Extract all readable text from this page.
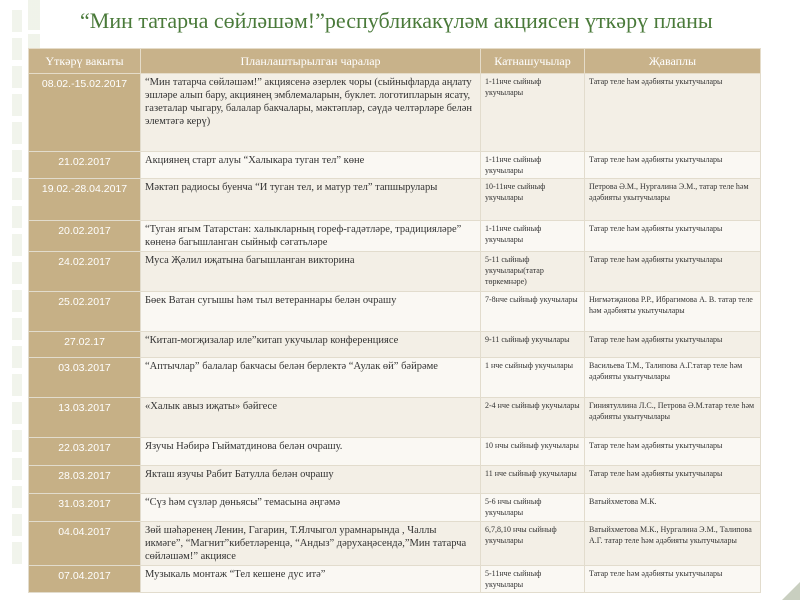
“Мин татарча сөйләшәм!”республикакүләм акциясен үткәрү планы
Үткәрү вакыты	Планлаштырылган чаралар	Катнашучылар	Җаваплы
08.02.-15.02.2017	“Мин татарча сөйләшәм!” акциясенә әзерлек чоры (сыйныфларда аңлату эшләре алып бару, акциянең эмблемаларын, буклет. логотипларын ясату, газеталар чыгару, балалар бакчалары, мәктәпләр, сәүдә челтәрләре белән элемтәгә керү)	1-11нче сыйныф укучылары	Татар теле һәм әдәбияты укытучылары
21.02.2017	Акциянең старт алуы “Халыкара туган тел” көне	1-11нче сыйныф укучылары	Татар теле һәм әдәбияты укытучылары
19.02.-28.04.2017	Мәктәп радиосы буенча “И туган тел, и матур тел” тапшырулары	10-11нче сыйныф укучылары	Петрова Ә.М., Нургалина Э.М., татар теле һәм әдәбияты укытучылары
20.02.2017	“Туган ягым Татарстан: халыкларның гореф-гадәтләре, традицияләре” көненә багышланган сыйныф сәгатьләре	1-11нче сыйныф укучылары	Татар теле һәм әдәбияты укытучылары
24.02.2017	Муса Җәлил иҗатына багышланган викторина	5-11 сыйныф укучылары(татар төркемнәре)	Татар теле һәм әдәбияты укытучылары
25.02.2017	Бөек Ватан сугышы һәм тыл ветераннары белән очрашу	7-8нче сыйныф укучылары	Нигмәтҗанова Р.Р., Ибрагимова А. В. татар теле һәм әдәбияты укытучылары
27.02.17	“Китап-могҗизалар иле”китап укучылар конференциясе	9-11 сыйныф укучылары	Татар теле һәм әдәбияты укытучылары
03.03.2017	“Аптычлар” балалар бакчасы белән берлектә “Аулак өй” бәйрәме	1 нче сыйныф укучылары	Васильева Т.М., Талипова А.Г.татар теле һәм әдәбияты укытучылары
13.03.2017	«Халык авыз иҗаты» бәйгесе	2-4 нче сыйныф укучылары	Гиниятуллина Л.С., Петрова Ә.М.татар теле һәм әдәбияты укытучылары
22.03.2017	Язучы Нәбирә Гыйматдинова белән очрашу.	10 нчы сыйныф укучылары	Татар теле һәм әдәбияты укытучылары
28.03.2017	Якташ язучы Рабит Батулла белән очрашу	11 нче сыйныф укучылары	Татар теле һәм әдәбияты укытучылары
31.03.2017	“Сүз һәм сүзләр дөньясы” темасына әңгәмә	5-6 нчы сыйныф укучылары	Ватыйхметова М.К.
04.04.2017	Зөй шәһәренең Ленин, Гагарин, Т.Ялчыгол урамнарында , Чаллы икмәге”, “Магнит”кибетләренцә, “Андыз” дәрухаңәсендә,”Мин татарча сөйләшәм!” акциясе	6,7,8,10 нчы сыйныф укучылары	Ватыйхметова М.К., Нургалина Э.М., Талипова А.Г. татар теле һәм әдәбияты укытучылары
07.04.2017	Музыкаль монтаж “Тел кешене дус итә”	5-11нче сыйныф укучылары	Татар теле һәм әдәбияты укытучылары
